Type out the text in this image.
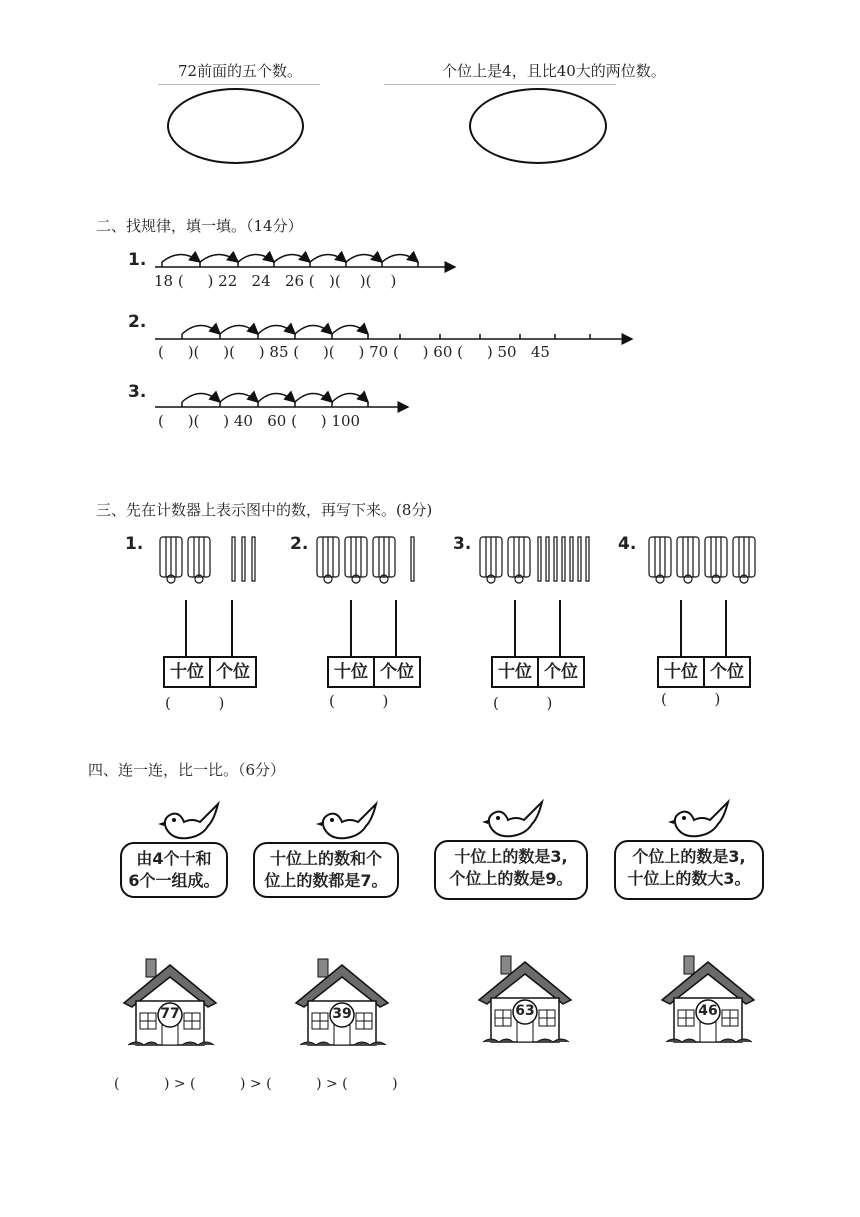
72前面的五个数。	个位上是4，且比40大的两位数。
二、找规律，填一填。（14分）
1.
18 (     ) 22   24   26 (   )(    )(    )
2.
(     )(     )(     ) 85 (     )(     ) 70 (     ) 60 (     ) 50   45
3.
(     )(     ) 40   60 (     ) 100
三、先在计数器上表示图中的数，再写下来。(8分)
1.
十位 个位
(          )
2.
十位 个位
(          )
3.
十位 个位
(          )
4.
十位 个位
(          )
四、连一连，比一比。（6分）
由4个十和
6个一组成。
十位上的数和个
位上的数都是7。
十位上的数是3,
个位上的数是9。
个位上的数是3,
十位上的数大3。
77	39	63	46
(          ) > (          ) > (          ) > (          )
